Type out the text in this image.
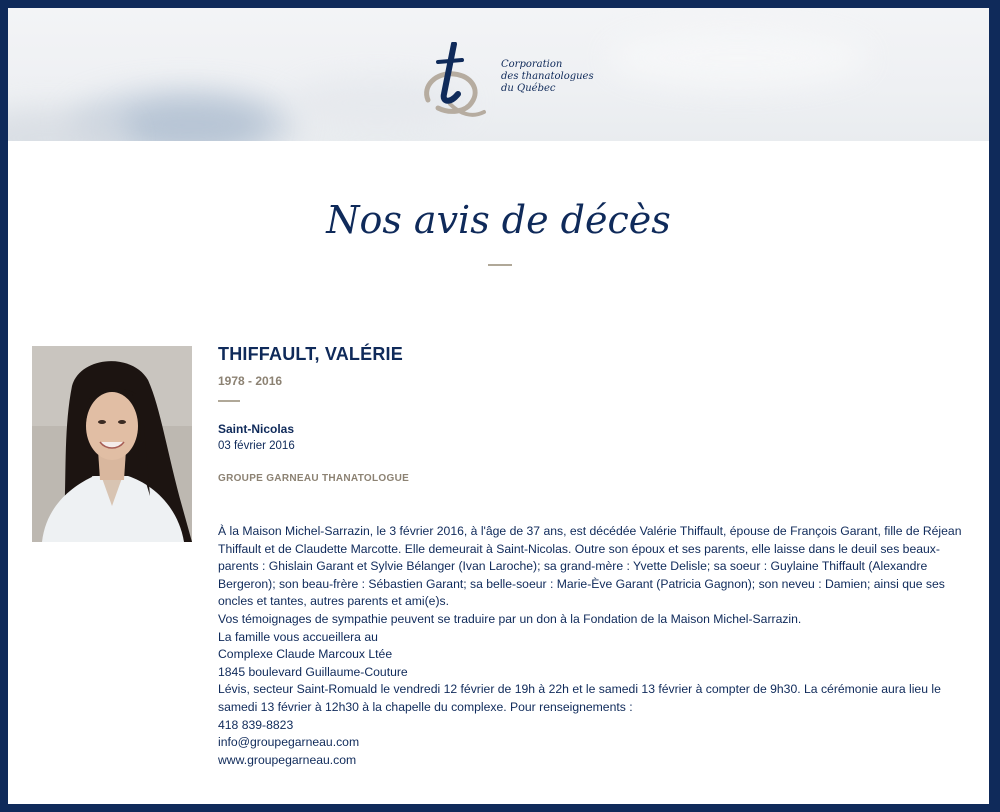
Corporation
des thanatologues
du Québec
Nos avis de décès
THIFFAULT, VALÉRIE
1978 - 2016
Saint-Nicolas
03 février 2016
GROUPE GARNEAU THANATOLOGUE

À la Maison Michel-Sarrazin, le 3 février 2016, à l'âge de 37 ans, est décédée Valérie Thiffault, épouse de François Garant, fille de Réjean Thiffault et de Claudette Marcotte. Elle demeurait à Saint-Nicolas. Outre son époux et ses parents, elle laisse dans le deuil ses beaux-parents : Ghislain Garant et Sylvie Bélanger (Ivan Laroche); sa grand-mère : Yvette Delisle; sa soeur : Guylaine Thiffault (Alexandre Bergeron); son beau-frère : Sébastien Garant; sa belle-soeur : Marie-Ève Garant (Patricia Gagnon); son neveu : Damien; ainsi que ses oncles et tantes, autres parents et ami(e)s.

Vos témoignages de sympathie peuvent se traduire par un don à la Fondation de la Maison Michel-Sarrazin.

La famille vous accueillera au

Complexe Claude Marcoux Ltée

1845 boulevard Guillaume-Couture

Lévis, secteur Saint-Romuald le vendredi 12 février de 19h à 22h et le samedi 13 février à compter de 9h30. La cérémonie aura lieu le samedi 13 février à 12h30 à la chapelle du complexe. Pour renseignements :

418 839-8823

info@groupegarneau.com

www.groupegarneau.com
